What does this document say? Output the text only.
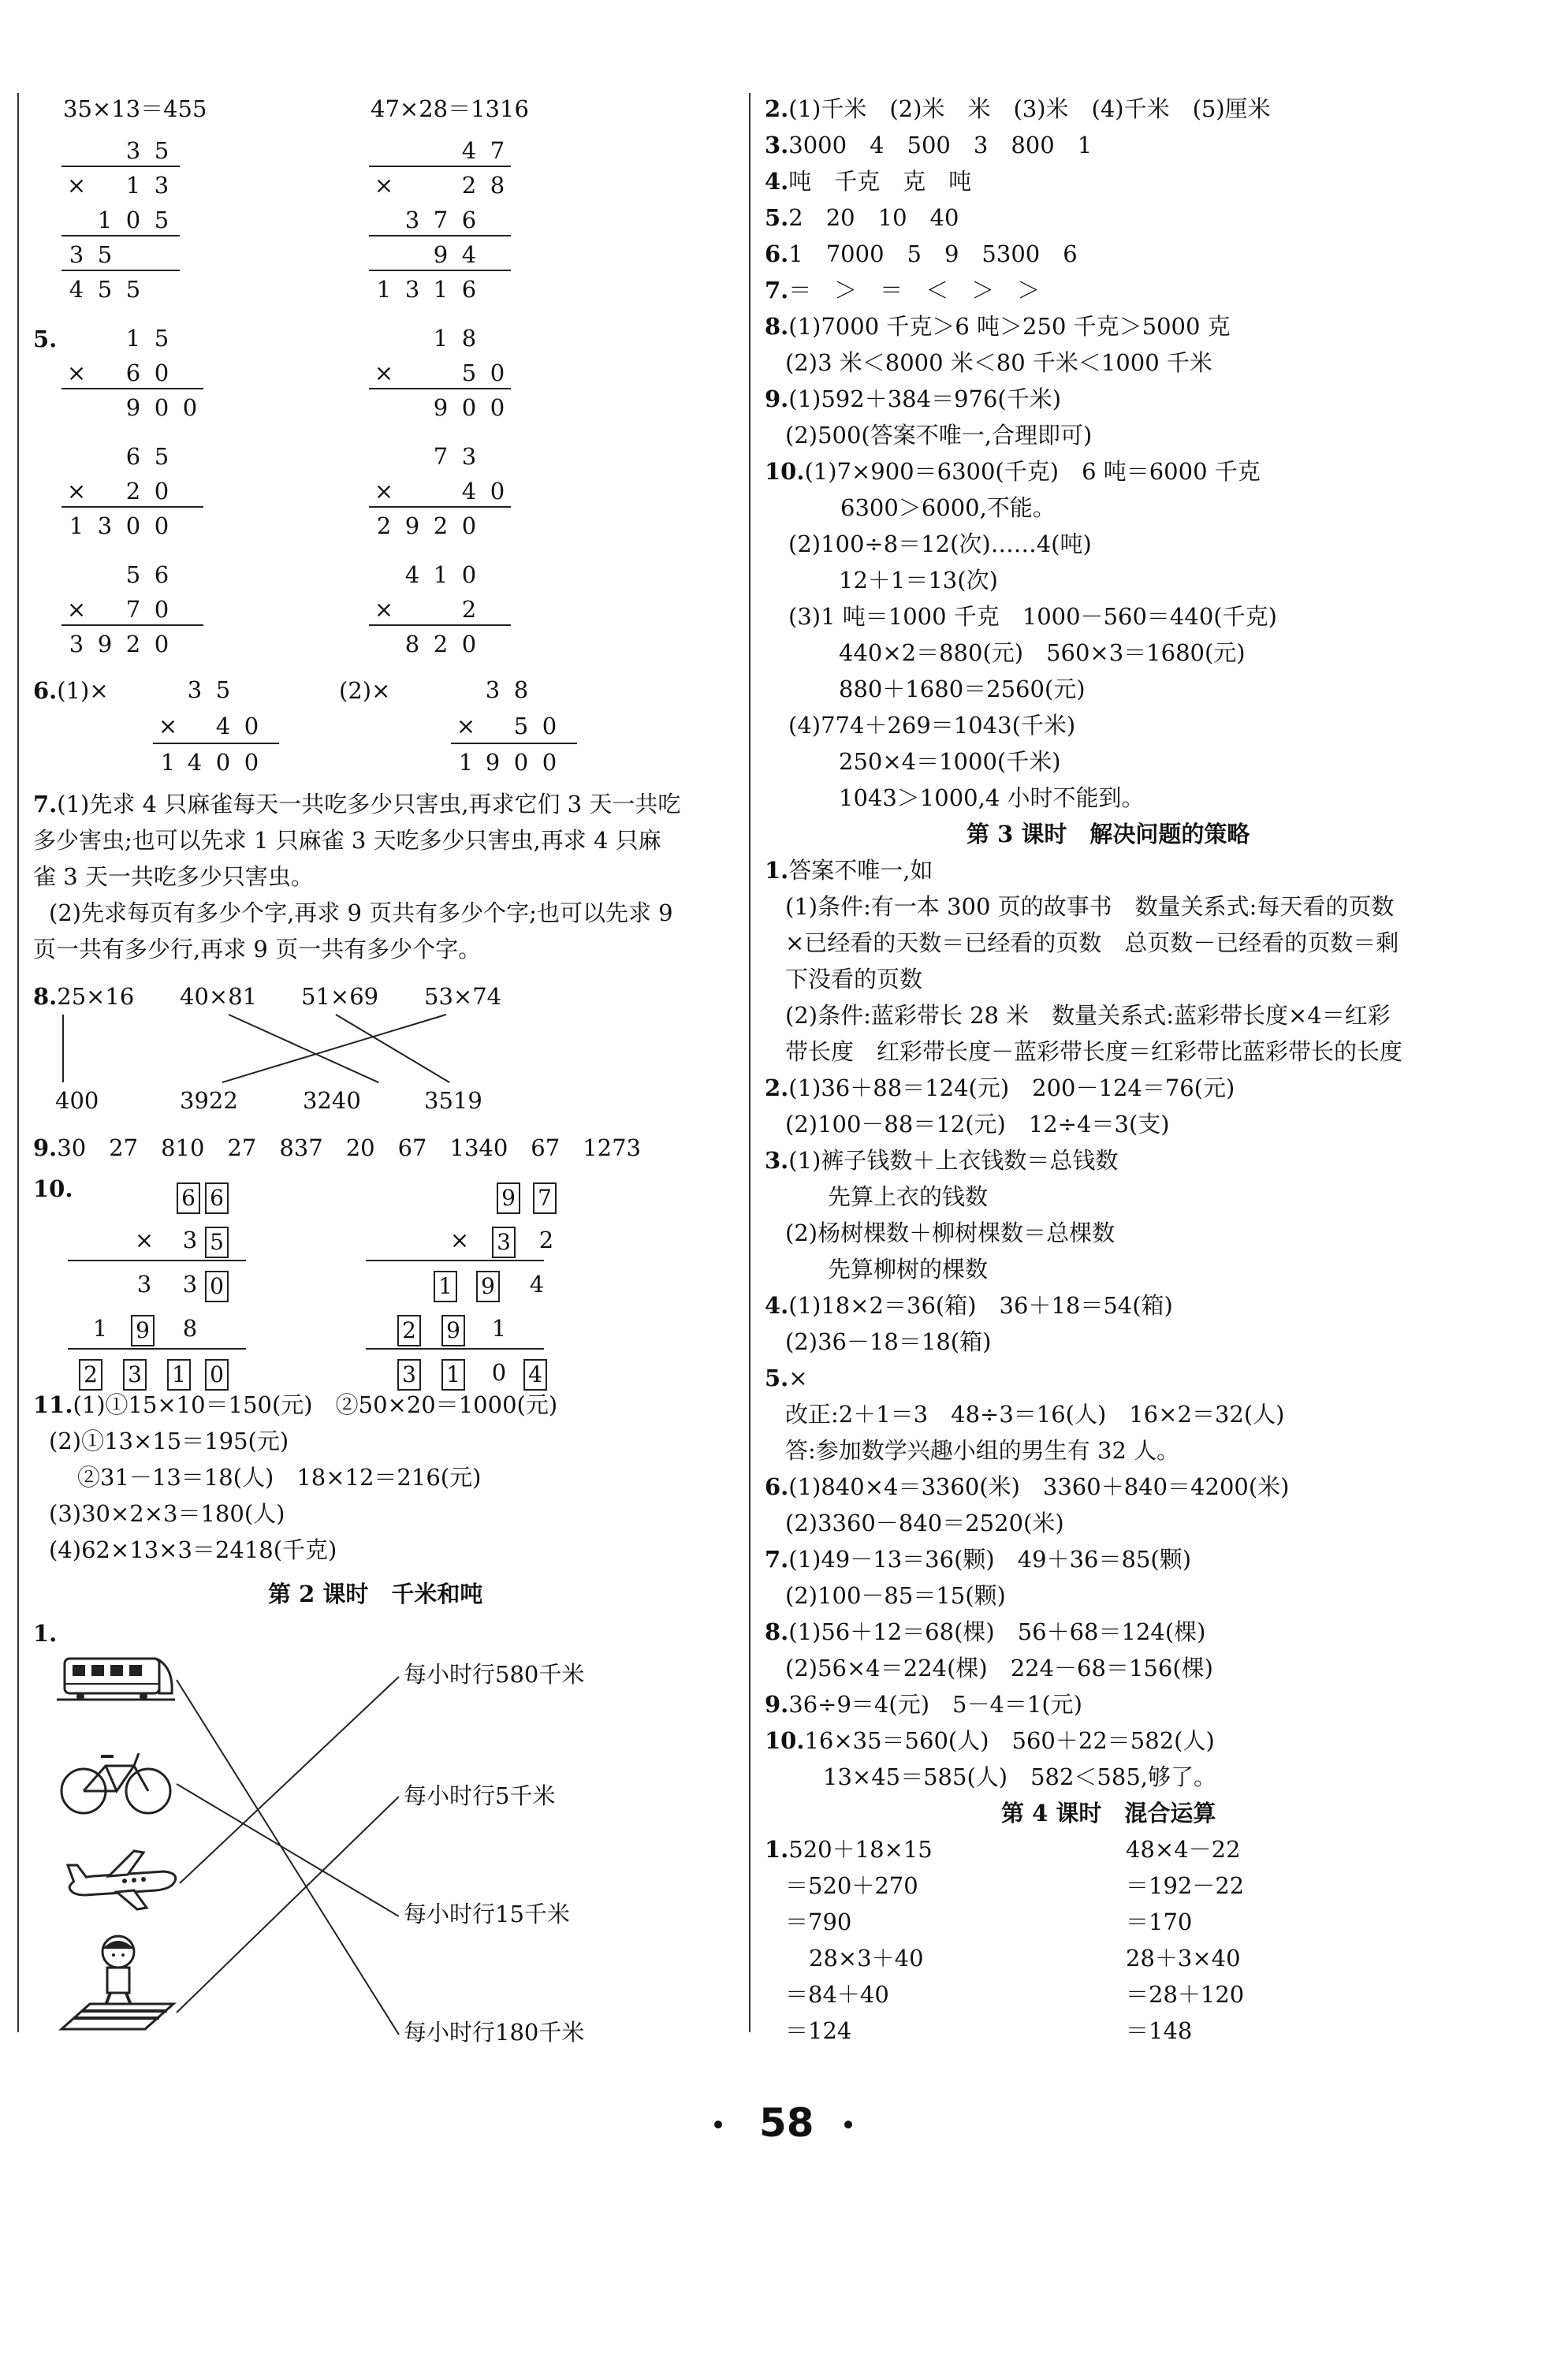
58
35×13＝455	47×28＝1316
5.
6.(1)×	(2)×
7.(1)先求 4 只麻雀每天一共吃多少只害虫,再求它们 3 天一共吃
多少害虫;也可以先求 1 只麻雀 3 天吃多少只害虫,再求 4 只麻
雀 3 天一共吃多少只害虫。
(2)先求每页有多少个字,再求 9 页共有多少个字;也可以先求 9
页一共有多少行,再求 9 页一共有多少个字。
8.25×16 40×81 51×69 53×74
400	3922	3240	3519
9.30　27　810　27　837　20　67　1340　67　1273
10.
11.(1)①15×10＝150(元)　②50×20＝1000(元)
(2)①13×15＝195(元)
②31－13＝18(人)　18×12＝216(元)
(3)30×2×3＝180(人)
(4)62×13×3＝2418(千克)
第 2 课时　千米和吨
1.
每小时行580千米
每小时行5千米
每小时行15千米
每小时行180千米
2.(1)千米　(2)米　米　(3)米　(4)千米　(5)厘米
3.3000　4　500　3　800　1
4.吨　千克　克　吨
5.2　20　10　40
6.1　7000　5　9　5300　6
7.＝　＞　＝　＜　＞　＞
8.(1)7000 千克＞6 吨＞250 千克＞5000 克
(2)3 米＜8000 米＜80 千米＜1000 千米
9.(1)592＋384＝976(千米)
(2)500(答案不唯一,合理即可)
10.(1)7×900＝6300(千克)　6 吨＝6000 千克
6300＞6000,不能。
(2)100÷8＝12(次)……4(吨)
12＋1＝13(次)
(3)1 吨＝1000 千克　1000－560＝440(千克)
440×2＝880(元)　560×3＝1680(元)
880＋1680＝2560(元)
(4)774＋269＝1043(千米)
250×4＝1000(千米)
1043＞1000,4 小时不能到。
第 3 课时　解决问题的策略
1.答案不唯一,如
(1)条件:有一本 300 页的故事书　数量关系式:每天看的页数
×已经看的天数＝已经看的页数　总页数－已经看的页数＝剩
下没看的页数
(2)条件:蓝彩带长 28 米　数量关系式:蓝彩带长度×4＝红彩
带长度　红彩带长度－蓝彩带长度＝红彩带比蓝彩带长的长度
2.(1)36＋88＝124(元)　200－124＝76(元)
(2)100－88＝12(元)　12÷4＝3(支)
3.(1)裤子钱数＋上衣钱数＝总钱数
先算上衣的钱数
(2)杨树棵数＋柳树棵数＝总棵数
先算柳树的棵数
4.(1)18×2＝36(箱)　36＋18＝54(箱)
(2)36－18＝18(箱)
5.×
改正:2＋1＝3　48÷3＝16(人)　16×2＝32(人)
答:参加数学兴趣小组的男生有 32 人。
6.(1)840×4＝3360(米)　3360＋840＝4200(米)
(2)3360－840＝2520(米)
7.(1)49－13＝36(颗)　49＋36＝85(颗)
(2)100－85＝15(颗)
8.(1)56＋12＝68(棵)　56＋68＝124(棵)
(2)56×4＝224(棵)　224－68＝156(棵)
9.36÷9＝4(元)　5－4＝1(元)
10.16×35＝560(人)　560＋22＝582(人)
13×45＝585(人)　582＜585,够了。
第 4 课时　混合运算
1.520＋18×15	48×4－22
＝520＋270	＝192－22
＝790	＝170
28×3＋40	28＋3×40
＝84＋40	＝28＋120
＝124	＝148
3 5
× 1 3
1 0 5
3 5
4 5 5
4 7
×	2 8
3 7 6
9 4
1 3 1 6
1 5
× 6 0
9 0 0
1 8
×	5 0
9 0 0
6 5
× 2 0
1 3 0 0
7 3
×	4 0
2 9 2 0
5 6
× 7 0
3 9 2 0
4 1 0
×	2
8 2 0
3 5
× 4 0
1 4 0 0
3 8
× 5 0
1 9 0 0
6 6
× 3 5
3 3 0
1 9 8
2 3 1 0
9 7
× 3 2
1 9 4
2 9 1
3 1 0 4
